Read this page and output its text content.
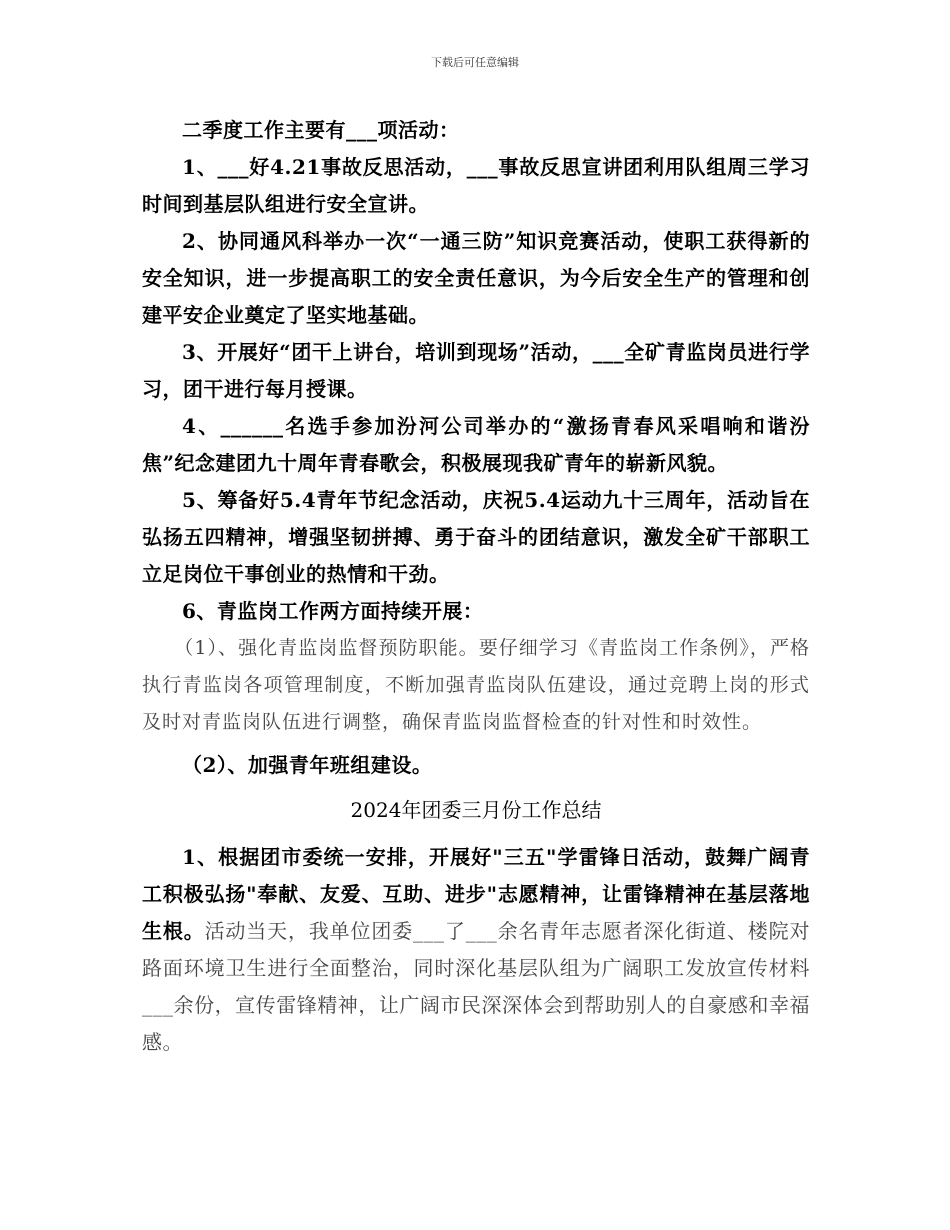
下载后可任意编辑

二季度工作主要有___项活动：

1、___好4.21事故反思活动，___事故反思宣讲团利用队组周三学习时间到基层队组进行安全宣讲。

2、协同通风科举办一次“一通三防”知识竞赛活动，使职工获得新的安全知识，进一步提高职工的安全责任意识，为今后安全生产的管理和创建平安企业奠定了坚实地基础。

3、开展好“团干上讲台，培训到现场”活动，___全矿青监岗员进行学习，团干进行每月授课。

4、______名选手参加汾河公司举办的“激扬青春风采唱响和谐汾焦”纪念建团九十周年青春歌会，积极展现我矿青年的崭新风貌。

5、筹备好5.4青年节纪念活动，庆祝5.4运动九十三周年，活动旨在弘扬五四精神，增强坚韧拼搏、勇于奋斗的团结意识，激发全矿干部职工立足岗位干事创业的热情和干劲。

6、青监岗工作两方面持续开展：

（1）、强化青监岗监督预防职能。要仔细学习《青监岗工作条例》，严格执行青监岗各项管理制度，不断加强青监岗队伍建设，通过竞聘上岗的形式及时对青监岗队伍进行调整，确保青监岗监督检查的针对性和时效性。

（2）、加强青年班组建设。

2024年团委三月份工作总结

1、根据团市委统一安排，开展好"三五"学雷锋日活动，鼓舞广阔青工积极弘扬"奉献、友爱、互助、进步"志愿精神，让雷锋精神在基层落地生根。活动当天，我单位团委___了___余名青年志愿者深化街道、楼院对路面环境卫生进行全面整治，同时深化基层队组为广阔职工发放宣传材料___余份，宣传雷锋精神，让广阔市民深深体会到帮助别人的自豪感和幸福感。
